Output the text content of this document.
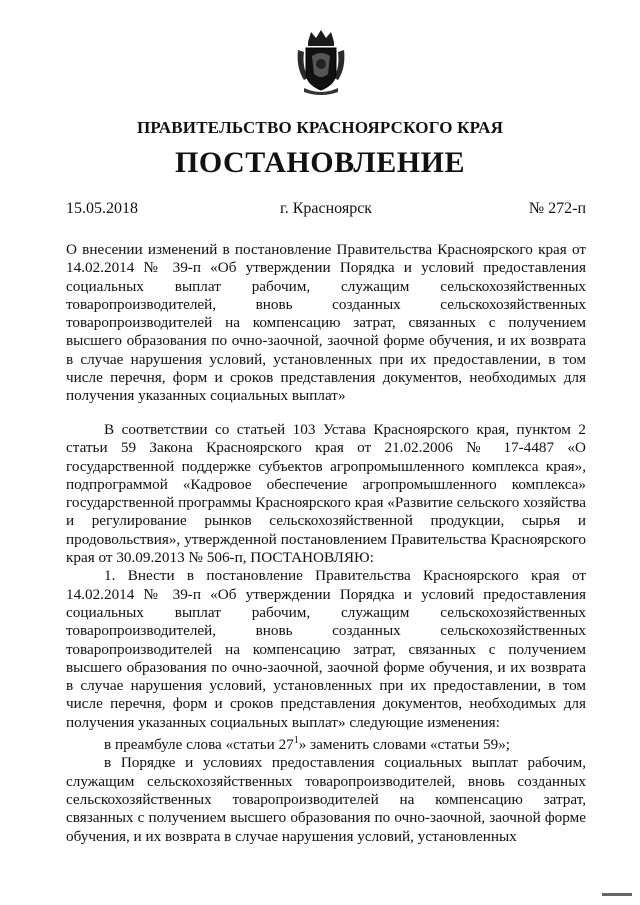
ПРАВИТЕЛЬСТВО КРАСНОЯРСКОГО КРАЯ
ПОСТАНОВЛЕНИЕ
15.05.2018	г. Красноярск	№ 272-п

О внесении изменений в постановление Правительства Красноярского края от 14.02.2014 № 39-п «Об утверждении Порядка и условий предоставления социальных выплат рабочим, служащим сельскохозяйственных товаропроизводителей, вновь созданных сельскохозяйственных товаропроизводителей на компенсацию затрат, связанных с получением высшего образования по очно-заочной, заочной форме обучения, и их возврата в случае нарушения условий, установленных при их предоставлении, в том числе перечня, форм и сроков представления документов, необходимых для получения указанных социальных выплат»

В соответствии со статьей 103 Устава Красноярского края, пунктом 2 статьи 59 Закона Красноярского края от 21.02.2006 № 17-4487 «О государственной поддержке субъектов агропромышленного комплекса края», подпрограммой «Кадровое обеспечение агропромышленного комплекса» государственной программы Красноярского края «Развитие сельского хозяйства и регулирование рынков сельскохозяйственной продукции, сырья и продовольствия», утвержденной постановлением Правительства Красноярского края от 30.09.2013 № 506-п, ПОСТАНОВЛЯЮ:

1. Внести в постановление Правительства Красноярского края от 14.02.2014 № 39-п «Об утверждении Порядка и условий предоставления социальных выплат рабочим, служащим сельскохозяйственных товаропроизводителей, вновь созданных сельскохозяйственных товаропроизводителей на компенсацию затрат, связанных с получением высшего образования по очно-заочной, заочной форме обучения, и их возврата в случае нарушения условий, установленных при их предоставлении, в том числе перечня, форм и сроков представления документов, необходимых для получения указанных социальных выплат» следующие изменения:

в преамбуле слова «статьи $27^1$» заменить словами «статьи 59»;

в Порядке и условиях предоставления социальных выплат рабочим, служащим сельскохозяйственных товаропроизводителей, вновь созданных сельскохозяйственных товаропроизводителей на компенсацию затрат, связанных с получением высшего образования по очно-заочной, заочной форме обучения, и их возврата в случае нарушения условий, установленных
